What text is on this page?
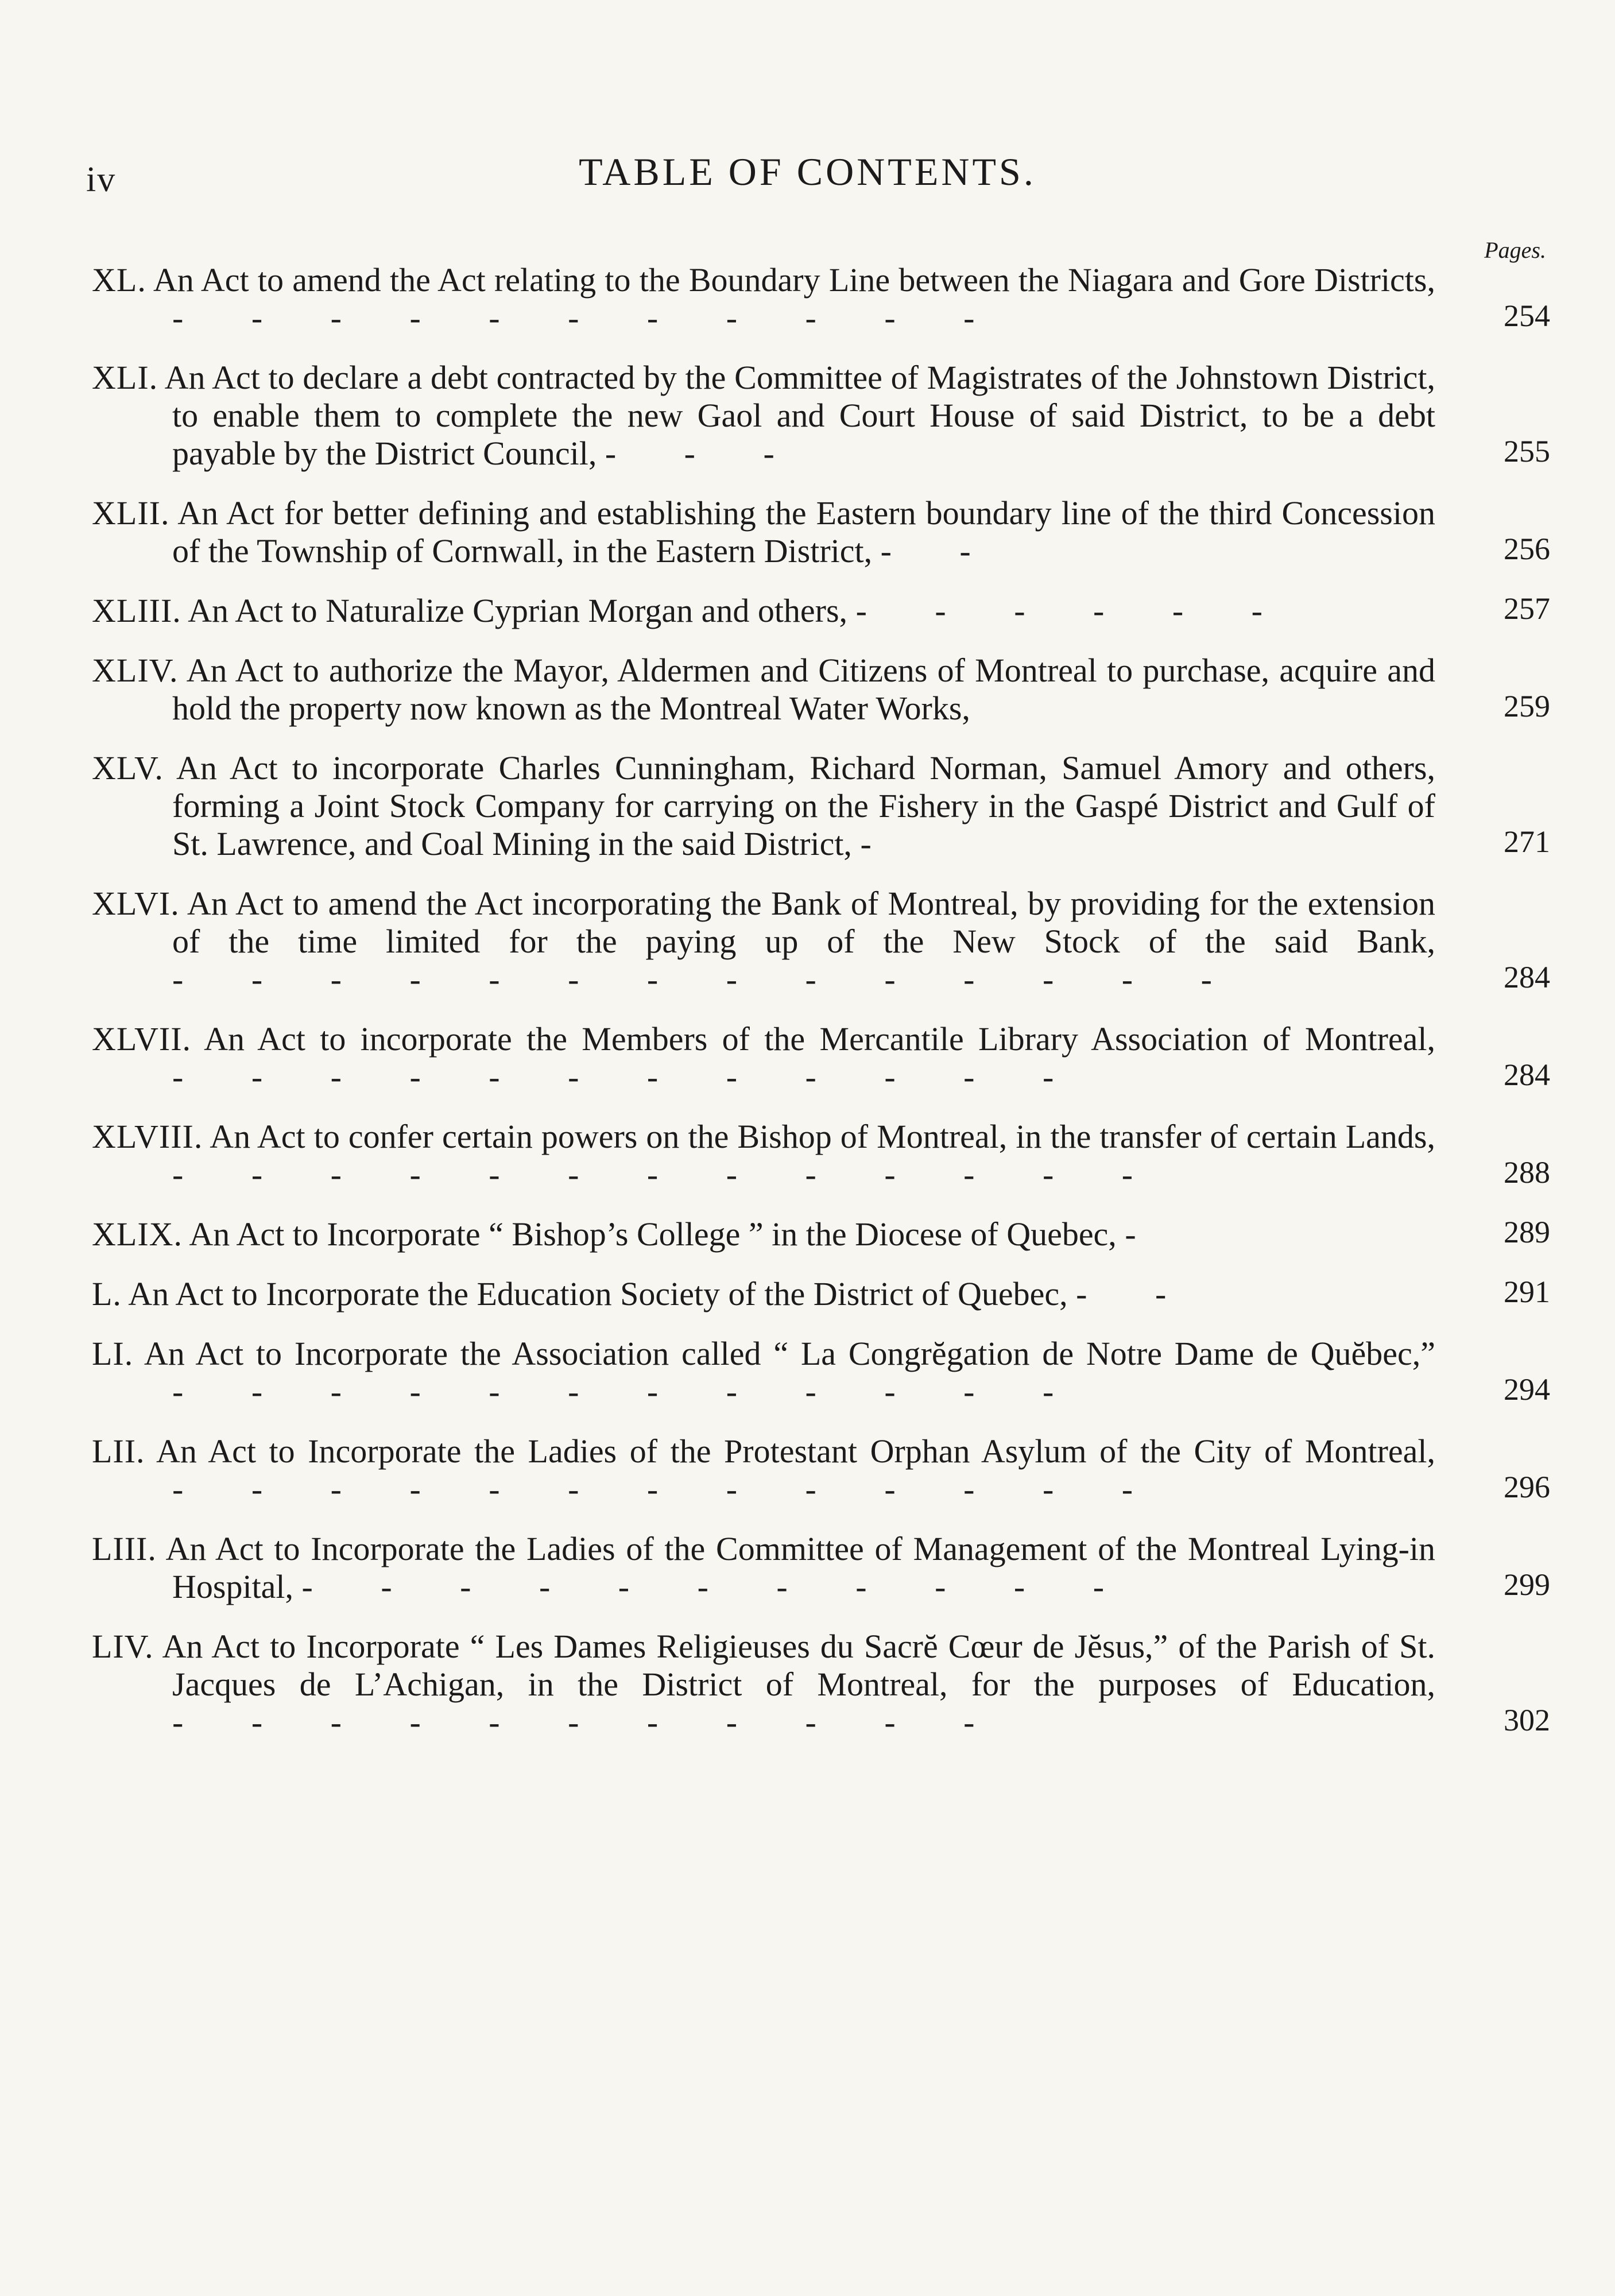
iv	TABLE OF CONTENTS.
Pages.
XL. An Act to amend the Act relating to the Boundary Line between the Niagara and Gore Districts, - - - - - - - - - - -	254
XLI. An Act to declare a debt contracted by the Committee of Magistrates of the Johnstown District, to enable them to complete the new Gaol and Court House of said District, to be a debt payable by the District Council, - - -	255
XLII. An Act for better defining and establishing the Eastern boundary line of the third Concession of the Township of Cornwall, in the Eastern District, - -	256
XLIII. An Act to Naturalize Cyprian Morgan and others, - - - - - -	257
XLIV. An Act to authorize the Mayor, Aldermen and Citizens of Montreal to purchase, acquire and hold the property now known as the Montreal Water Works,	259
XLV. An Act to incorporate Charles Cunningham, Richard Norman, Samuel Amory and others, forming a Joint Stock Company for carrying on the Fishery in the Gaspé District and Gulf of St. Lawrence, and Coal Mining in the said District, -	271
XLVI. An Act to amend the Act incorporating the Bank of Montreal, by providing for the extension of the time limited for the paying up of the New Stock of the said Bank, - - - - - - - - - - - - - -	284
XLVII. An Act to incorporate the Members of the Mercantile Library Association of Montreal, - - - - - - - - - - - -	284
XLVIII. An Act to confer certain powers on the Bishop of Montreal, in the transfer of certain Lands, - - - - - - - - - - - - -	288
XLIX. An Act to Incorporate “ Bishop’s College ” in the Diocese of Quebec, -	289
L. An Act to Incorporate the Education Society of the District of Quebec, - -	291
LI. An Act to Incorporate the Association called “ La Congrĕgation de Notre Dame de Quĕbec,” - - - - - - - - - - - -	294
LII. An Act to Incorporate the Ladies of the Protestant Orphan Asylum of the City of Montreal, - - - - - - - - - - - - -	296
LIII. An Act to Incorporate the Ladies of the Committee of Management of the Montreal Lying-in Hospital, - - - - - - - - - - -	299
LIV. An Act to Incorporate “ Les Dames Religieuses du Sacrĕ Cœur de Jĕsus,” of the Parish of St. Jacques de L’Achigan, in the District of Montreal, for the purposes of Education, - - - - - - - - - - -	302
